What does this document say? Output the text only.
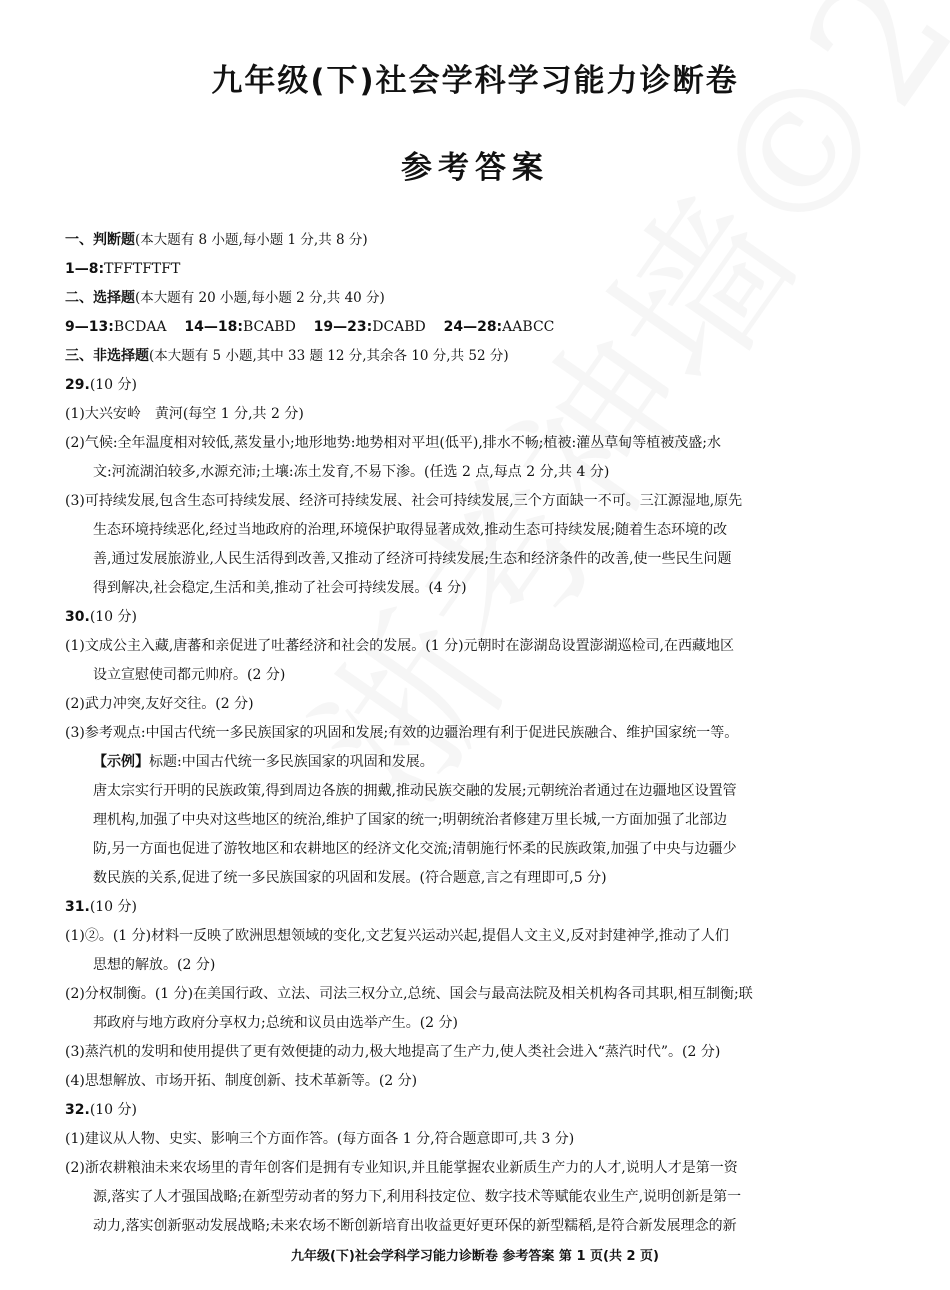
九年级(下)社会学科学习能力诊断卷
参考答案

一、判断题(本大题有 8 小题,每小题 1 分,共 8 分)

1—8:TFFTFTFT

二、选择题(本大题有 20 小题,每小题 2 分,共 40 分)

9—13:BCDAA 14—18:BCABD 19—23:DCABD 24—28:AABCC

三、非选择题(本大题有 5 小题,其中 33 题 12 分,其余各 10 分,共 52 分)

29.(10 分)

(1)大兴安岭　黄河(每空 1 分,共 2 分)

(2)气候:全年温度相对较低,蒸发量小;地形地势:地势相对平坦(低平),排水不畅;植被:灌丛草甸等植被茂盛;水

文:河流湖泊较多,水源充沛;土壤:冻土发育,不易下渗。(任选 2 点,每点 2 分,共 4 分)

(3)可持续发展,包含生态可持续发展、经济可持续发展、社会可持续发展,三个方面缺一不可。三江源湿地,原先

生态环境持续恶化,经过当地政府的治理,环境保护取得显著成效,推动生态可持续发展;随着生态环境的改

善,通过发展旅游业,人民生活得到改善,又推动了经济可持续发展;生态和经济条件的改善,使一些民生问题

得到解决,社会稳定,生活和美,推动了社会可持续发展。(4 分)

30.(10 分)

(1)文成公主入藏,唐蕃和亲促进了吐蕃经济和社会的发展。(1 分)元朝时在澎湖岛设置澎湖巡检司,在西藏地区

设立宣慰使司都元帅府。(2 分)

(2)武力冲突,友好交往。(2 分)

(3)参考观点:中国古代统一多民族国家的巩固和发展;有效的边疆治理有利于促进民族融合、维护国家统一等。

【示例】标题:中国古代统一多民族国家的巩固和发展。

唐太宗实行开明的民族政策,得到周边各族的拥戴,推动民族交融的发展;元朝统治者通过在边疆地区设置管

理机构,加强了中央对这些地区的统治,维护了国家的统一;明朝统治者修建万里长城,一方面加强了北部边

防,另一方面也促进了游牧地区和农耕地区的经济文化交流;清朝施行怀柔的民族政策,加强了中央与边疆少

数民族的关系,促进了统一多民族国家的巩固和发展。(符合题意,言之有理即可,5 分)

31.(10 分)

(1)②。(1 分)材料一反映了欧洲思想领域的变化,文艺复兴运动兴起,提倡人文主义,反对封建神学,推动了人们

思想的解放。(2 分)

(2)分权制衡。(1 分)在美国行政、立法、司法三权分立,总统、国会与最高法院及相关机构各司其职,相互制衡;联

邦政府与地方政府分享权力;总统和议员由选举产生。(2 分)

(3)蒸汽机的发明和使用提供了更有效便捷的动力,极大地提高了生产力,使人类社会进入“蒸汽时代”。(2 分)

(4)思想解放、市场开拓、制度创新、技术革新等。(2 分)

32.(10 分)

(1)建议从人物、史实、影响三个方面作答。(每方面各 1 分,符合题意即可,共 3 分)

(2)浙农耕粮油未来农场里的青年创客们是拥有专业知识,并且能掌握农业新质生产力的人才,说明人才是第一资

源,落实了人才强国战略;在新型劳动者的努力下,利用科技定位、数字技术等赋能农业生产,说明创新是第一

动力,落实创新驱动发展战略;未来农场不断创新培育出收益更好更环保的新型糯稻,是符合新发展理念的新

九年级(下)社会学科学习能力诊断卷 参考答案 第 1 页(共 2 页)
